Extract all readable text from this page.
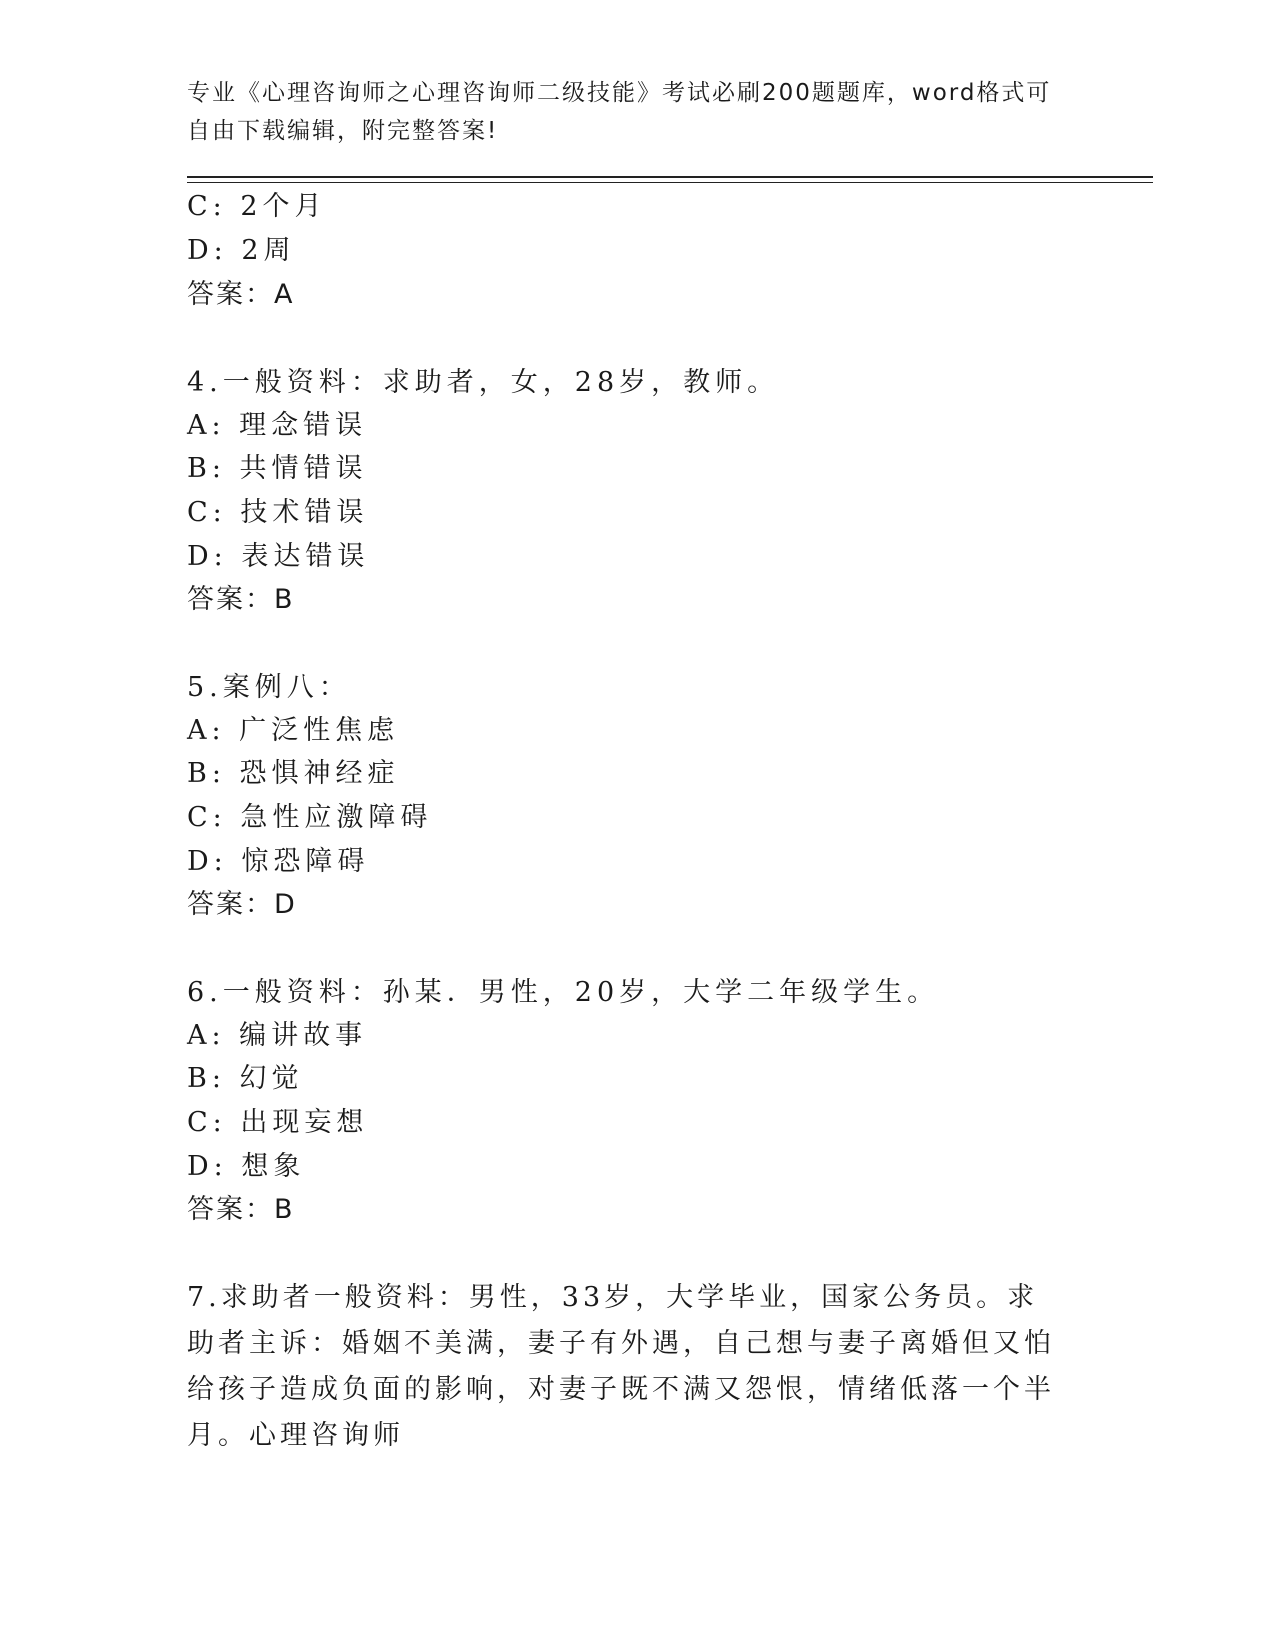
专业《心理咨询师之心理咨询师二级技能》考试必刷200题题库，word格式可自由下载编辑，附完整答案!
C: 2个月
D: 2周
答案：A
4.一般资料：求助者，女，28岁，教师。
A: 理念错误
B: 共情错误
C: 技术错误
D: 表达错误
答案：B
5.案例八：
A: 广泛性焦虑
B: 恐惧神经症
C: 急性应激障碍
D: 惊恐障碍
答案：D
6.一般资料：孙某．男性，20岁，大学二年级学生。
A: 编讲故事
B: 幻觉
C: 出现妄想
D: 想象
答案：B
7.求助者一般资料：男性，33岁，大学毕业，国家公务员。求助者主诉：婚姻不美满，妻子有外遇，自己想与妻子离婚但又怕给孩子造成负面的影响，对妻子既不满又怨恨，情绪低落一个半月。心理咨询师
